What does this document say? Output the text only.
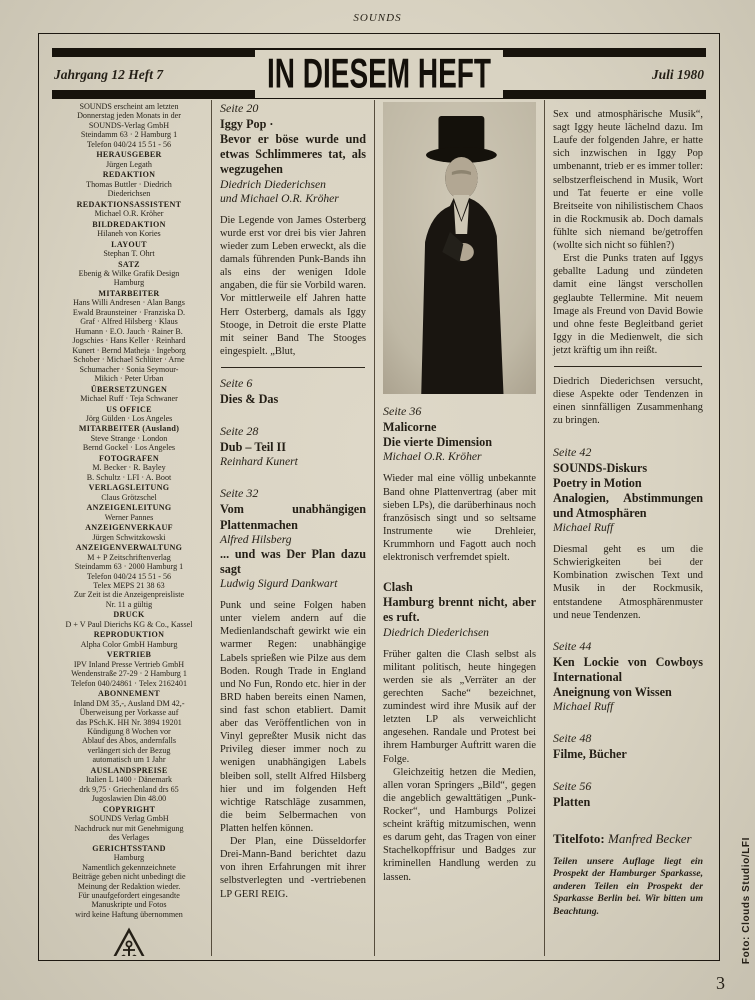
SOUNDS
Jahrgang 12 Heft 7	IN DIESEM HEFT	Juli 1980
SOUNDS erscheint am letzten
Donnerstag jeden Monats in der
SOUNDS-Verlag GmbH
Steindamm 63 · 2 Hamburg 1
Telefon 040/24 15 51 - 56
HERAUSGEBER
Jürgen Legath
REDAKTION
Thomas Buttler · Diedrich
Diederichsen
REDAKTIONSASSISTENT
Michael O.R. Kröher
BILDREDAKTION
Hilaneh von Kories
LAYOUT
Stephan T. Ohrt
SATZ
Ebenig & Wilke Grafik Design
Hamburg
MITARBEITER
Hans Willi Andresen · Alan Bangs
Ewald Braunsteiner · Franziska D.
Graf · Alfred Hilsberg · Klaus
Humann · E.O. Jauch · Rainer B.
Jogschies · Hans Keller · Reinhard
Kunert · Bernd Matheja · Ingeborg
Schober · Michael Schlüter · Arne
Schumacher · Sonia Seymour-
Mikich · Peter Urban
ÜBERSETZUNGEN
Michael Ruff · Teja Schwaner
US OFFICE
Jörg Gülden · Los Angeles
MITARBEITER (Ausland)
Steve Strange · London
Bernd Gockel · Los Angeles
FOTOGRAFEN
M. Becker · R. Bayley
B. Schultz · LFI · A. Boot
VERLAGSLEITUNG
Claus Grötzschel
ANZEIGENLEITUNG
Werner Pannes
ANZEIGENVERKAUF
Jürgen Schwitzkowski
ANZEIGENVERWALTUNG
M + P Zeitschriftenverlag
Steindamm 63 · 2000 Hamburg 1
Telefon 040/24 15 51 - 56
Telex MEPS 21 38 63
Zur Zeit ist die Anzeigenpreisliste
Nr. 11 a gültig
DRUCK
D + V Paul Dierichs KG & Co., Kassel
REPRODUKTION
Alpha Color GmbH Hamburg
VERTRIEB
IPV Inland Presse Vertrieb GmbH
Wendenstraße 27-29 · 2 Hamburg 1
Telefon 040/24861 · Telex 2162401
ABONNEMENT
Inland DM 35,-, Ausland DM 42,-
Überweisung per Vorkasse auf
das PSch.K. HH Nr. 3894 19201
Kündigung 8 Wochen vor
Ablauf des Abos, andernfalls
verlängert sich der Bezug
automatisch um 1 Jahr
AUSLANDSPREISE
Italien L 1400 · Dänemark
drk 9,75 · Griechenland drs 65
Jugoslawien Din 48.00
COPYRIGHT
SOUNDS Verlag GmbH
Nachdruck nur mit Genehmigung
des Verlages
GERICHTSSTAND
Hamburg
Namentlich gekennzeichnete
Beiträge geben nicht unbedingt die
Meinung der Redaktion wieder.
Für unaufgefordert eingesandte
Manuskripte und Fotos
wird keine Haftung übernommen
Seite 20
Iggy Pop ·
Bevor er böse wurde und etwas Schlimmeres tat, als wegzugehen
Diedrich Diederichsen
und Michael O.R. Kröher

Die Legende von James Osterberg wurde erst vor drei bis vier Jahren wieder zum Leben erweckt, als die damals führenden Punk-Bands ihn als eins der wenigen Idole angaben, die für sie Vorbild waren. Vor mittlerweile elf Jahren hatte Herr Osterberg, damals als Iggy Stooge, in Detroit die erste Platte mit seiner Band The Stooges eingespielt. „Blut,

Seite 6
Dies & Das
Seite 28
Dub – Teil II
Reinhard Kunert
Seite 32
Vom unabhängigen Plattenmachen
Alfred Hilsberg
... und was Der Plan dazu sagt
Ludwig Sigurd Dankwart

Punk und seine Folgen haben unter vielem andern auf die Medienlandschaft gewirkt wie ein warmer Regen: unabhängige Labels sprießen wie Pilze aus dem Boden. Rough Trade in England und No Fun, Rondo etc. hier in der BRD haben bereits einen Namen, sind fast schon etabliert. Damit aber das Veröffentlichen von in Vinyl gepreßter Musik nicht das Privileg dieser immer noch zu wenigen unabhängigen Labels bleiben soll, stellt Alfred Hilsberg hier und im folgenden Heft wichtige Ratschläge zusammen, die beim Selbermachen von Platten helfen können.

Der Plan, eine Düsseldorfer Drei-Mann-Band berichtet dazu von ihren Erfahrungen mit ihrer selbstverlegten und -vertriebenen LP GERI REIG.

Seite 36
Malicorne
Die vierte Dimension
Michael O.R. Kröher

Wieder mal eine völlig unbekannte Band ohne Plattenvertrag (aber mit sieben LPs), die darüberhinaus noch französisch singt und so seltsame Instrumente wie Drehleier, Krummhorn und Fagott auch noch elektronisch verfremdet spielt.

Clash
Hamburg brennt nicht, aber es ruft.
Diedrich Diederichsen

Früher galten die Clash selbst als militant politisch, heute hingegen werden sie als „Verräter an der gerechten Sache“ bezeichnet, zumindest wird ihre Musik auf der letzten LP als verweichlicht angesehen. Randale und Protest bei ihrem Hamburger Auftritt waren die Folge.

Gleichzeitig hetzen die Medien, allen voran Springers „Bild“, gegen die angeblich gewalttätigen „Punk-Rocker“, und Hamburgs Polizei scheint kräftig mitzumischen, wenn es darum geht, das Tragen von einer Stachelkopffrisur und Badges zur kriminellen Handlung werden zu lassen.

Sex und atmosphärische Musik“, sagt Iggy heute lächelnd dazu. Im Laufe der folgenden Jahre, er hatte sich inzwischen in Iggy Pop umbenannt, trieb er es immer toller: selbstzerfleischend in Musik, Wort und Tat feuerte er eine volle Breitseite von nihilistischem Chaos in die Rockmusik ab. Doch damals fühlte sich niemand be/getroffen (wollte sich nicht so fühlen?)

Erst die Punks traten auf Iggys geballte Ladung und zündeten damit eine längst verschollen geglaubte Tellermine. Mit neuem Image als Freund von David Bowie und ohne feste Begleitband geriet Iggy in die Medienwelt, die sich jetzt kräftig um ihn reißt.

Diedrich Diederichsen versucht, diese Aspekte oder Tendenzen in einen sinnfälligen Zusammenhang zu bringen.

Seite 42
SOUNDS-Diskurs
Poetry in Motion
Analogien, Abstimmungen und Atmosphären
Michael Ruff

Diesmal geht es um die Schwierigkeiten bei der Kombination zwischen Text und Musik in der Rockmusik, entstandene Atmosphärenmuster und neue Tendenzen.

Seite 44
Ken Lockie von Cowboys International
Aneignung von Wissen
Michael Ruff
Seite 48
Filme, Bücher
Seite 56
Platten
Titelfoto: Manfred Becker

Teilen unsere Auflage liegt ein Prospekt der Hamburger Sparkasse, anderen Teilen ein Prospekt der Sparkasse Berlin bei. Wir bitten um Beachtung.	Foto: Clouds Studio/LFI
3
